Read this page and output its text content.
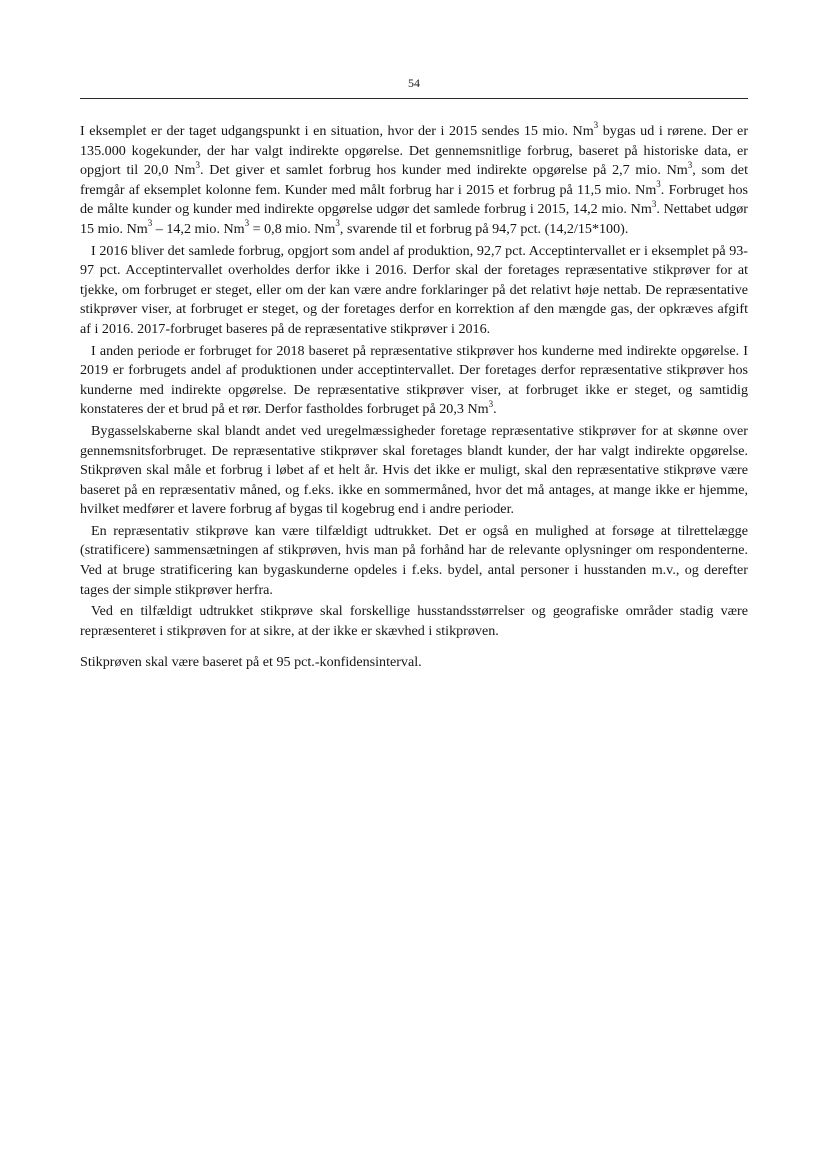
54

I eksemplet er der taget udgangspunkt i en situation, hvor der i 2015 sendes 15 mio. Nm$^3$ bygas ud i rørene. Der er 135.000 kogekunder, der har valgt indirekte opgørelse. Det gennemsnitlige forbrug, baseret på historiske data, er opgjort til 20,0 Nm$^3$. Det giver et samlet forbrug hos kunder med indirekte opgørelse på 2,7 mio. Nm$^3$, som det fremgår af eksemplet kolonne fem. Kunder med målt forbrug har i 2015 et forbrug på 11,5 mio. Nm$^3$. Forbruget hos de målte kunder og kunder med indirekte opgørelse udgør det samlede forbrug i 2015, 14,2 mio. Nm$^3$. Nettabet udgør 15 mio. Nm$^3$ – 14,2 mio. $Nm^3 = 0,8$ mio. Nm$^3$, svarende til et forbrug på 94,7 pct. (14,2/15*100).

I 2016 bliver det samlede forbrug, opgjort som andel af produktion, 92,7 pct. Acceptintervallet er i eksemplet på 93-97 pct. Acceptintervallet overholdes derfor ikke i 2016. Derfor skal der foretages repræsentative stikprøver for at tjekke, om forbruget er steget, eller om der kan være andre forklaringer på det relativt høje nettab. De repræsentative stikprøver viser, at forbruget er steget, og der foretages derfor en korrektion af den mængde gas, der opkræves afgift af i 2016. 2017-forbruget baseres på de repræsentative stikprøver i 2016.

I anden periode er forbruget for 2018 baseret på repræsentative stikprøver hos kunderne med indirekte opgørelse. I 2019 er forbrugets andel af produktionen under acceptintervallet. Der foretages derfor repræsentative stikprøver hos kunderne med indirekte opgørelse. De repræsentative stikprøver viser, at forbruget ikke er steget, og samtidig konstateres der et brud på et rør. Derfor fastholdes forbruget på 20,3 Nm$^3$.

Bygasselskaberne skal blandt andet ved uregelmæssigheder foretage repræsentative stikprøver for at skønne over gennemsnitsforbruget. De repræsentative stikprøver skal foretages blandt kunder, der har valgt indirekte opgørelse. Stikprøven skal måle et forbrug i løbet af et helt år. Hvis det ikke er muligt, skal den repræsentative stikprøve være baseret på en repræsentativ måned, og f.eks. ikke en sommermåned, hvor det må antages, at mange ikke er hjemme, hvilket medfører et lavere forbrug af bygas til kogebrug end i andre perioder.

En repræsentativ stikprøve kan være tilfældigt udtrukket. Det er også en mulighed at forsøge at tilrettelægge (stratificere) sammensætningen af stikprøven, hvis man på forhånd har de relevante oplysninger om respondenterne. Ved at bruge stratificering kan bygaskunderne opdeles i f.eks. bydel, antal personer i husstanden m.v., og derefter tages der simple stikprøver herfra.

Ved en tilfældigt udtrukket stikprøve skal forskellige husstandsstørrelser og geografiske områder stadig være repræsenteret i stikprøven for at sikre, at der ikke er skævhed i stikprøven.

Stikprøven skal være baseret på et 95 pct.-konfidensinterval.
